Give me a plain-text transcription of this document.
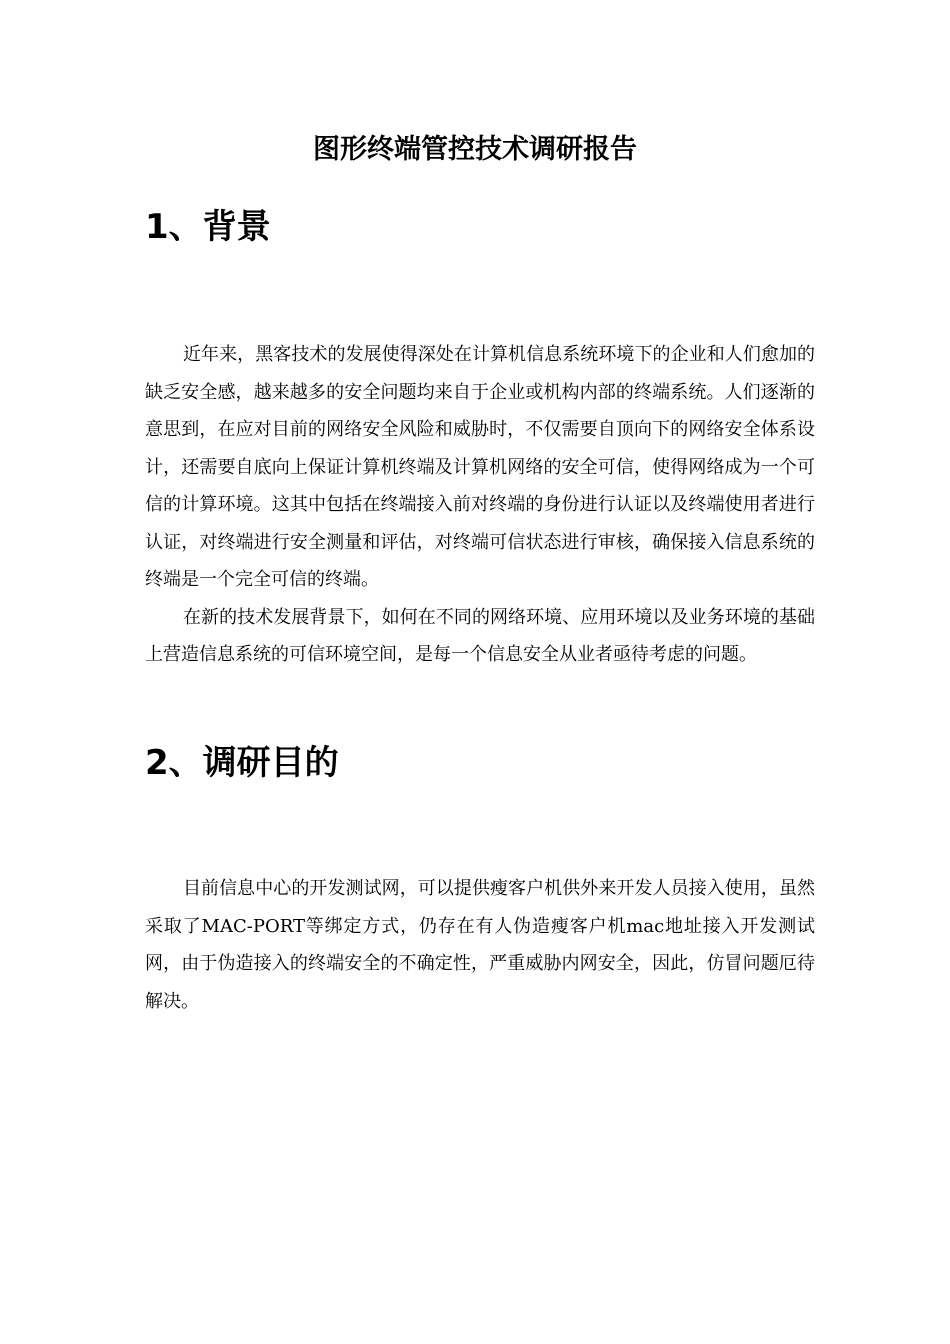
图形终端管控技术调研报告
1、背景

近年来，黑客技术的发展使得深处在计算机信息系统环境下的企业和人们愈加的缺乏安全感，越来越多的安全问题均来自于企业或机构内部的终端系统。人们逐渐的意思到，在应对目前的网络安全风险和威胁时，不仅需要自顶向下的网络安全体系设计，还需要自底向上保证计算机终端及计算机网络的安全可信，使得网络成为一个可信的计算环境。这其中包括在终端接入前对终端的身份进行认证以及终端使用者进行认证，对终端进行安全测量和评估，对终端可信状态进行审核，确保接入信息系统的终端是一个完全可信的终端。

在新的技术发展背景下，如何在不同的网络环境、应用环境以及业务环境的基础上营造信息系统的可信环境空间，是每一个信息安全从业者亟待考虑的问题。

2、调研目的

目前信息中心的开发测试网，可以提供瘦客户机供外来开发人员接入使用，虽然采取了MAC-PORT等绑定方式，仍存在有人伪造瘦客户机mac地址接入开发测试网，由于伪造接入的终端安全的不确定性，严重威胁内网安全，因此，仿冒问题厄待解决。
